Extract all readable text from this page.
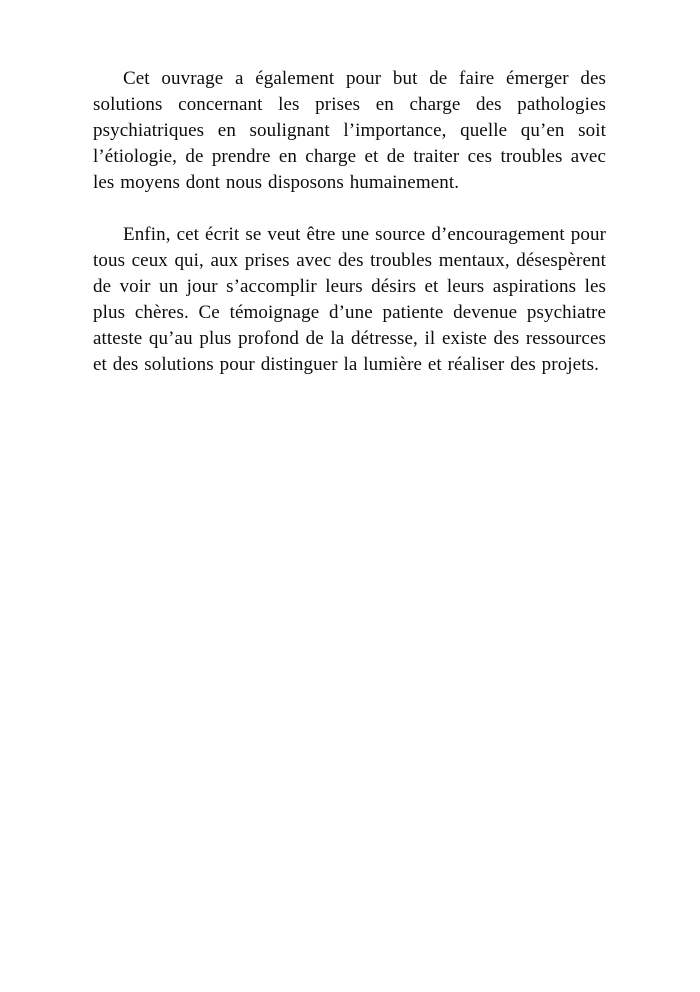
Cet ouvrage a également pour but de faire émerger des solutions concernant les prises en charge des pathologies psychiatriques en soulignant l’importance, quelle qu’en soit l’étiologie, de prendre en charge et de traiter ces troubles avec les moyens dont nous disposons humainement.

Enfin, cet écrit se veut être une source d’encouragement pour tous ceux qui, aux prises avec des troubles mentaux, désespèrent de voir un jour s’accomplir leurs désirs et leurs aspirations les plus chères. Ce témoignage d’une patiente devenue psychiatre atteste qu’au plus profond de la détresse, il existe des ressources et des solutions pour distinguer la lumière et réaliser des projets.
